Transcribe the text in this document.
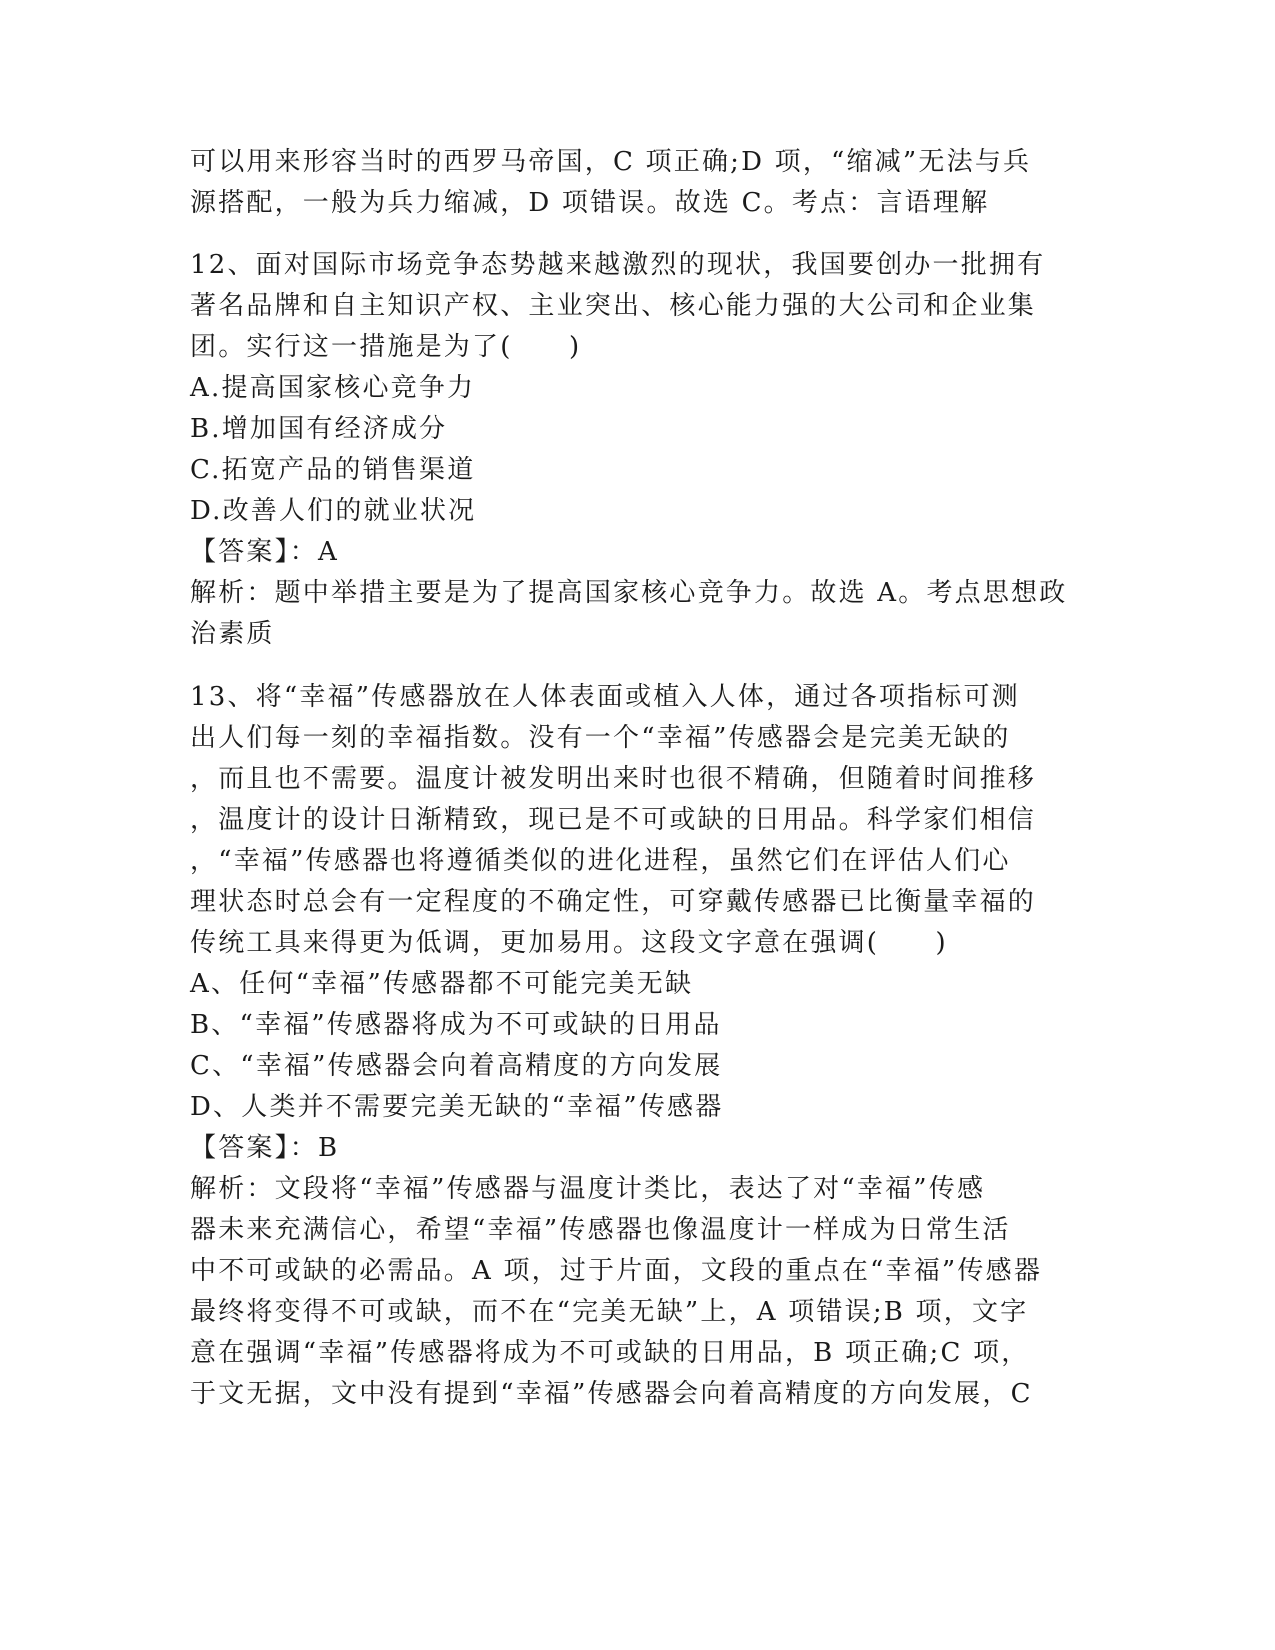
可以用来形容当时的西罗马帝国，C 项正确;D 项，“缩减”无法与兵
源搭配，一般为兵力缩减，D 项错误。故选 C。考点：言语理解
12、面对国际市场竞争态势越来越激烈的现状，我国要创办一批拥有
著名品牌和自主知识产权、主业突出、核心能力强的大公司和企业集
团。实行这一措施是为了(　　)
A.提高国家核心竞争力
B.增加国有经济成分
C.拓宽产品的销售渠道
D.改善人们的就业状况
【答案】：A
解析：题中举措主要是为了提高国家核心竞争力。故选 A。考点思想政
治素质
13、将“幸福”传感器放在人体表面或植入人体，通过各项指标可测
出人们每一刻的幸福指数。没有一个“幸福”传感器会是完美无缺的
，而且也不需要。温度计被发明出来时也很不精确，但随着时间推移
，温度计的设计日渐精致，现已是不可或缺的日用品。科学家们相信
，“幸福”传感器也将遵循类似的进化进程，虽然它们在评估人们心
理状态时总会有一定程度的不确定性，可穿戴传感器已比衡量幸福的
传统工具来得更为低调，更加易用。这段文字意在强调(　　)
A、任何“幸福”传感器都不可能完美无缺
B、“幸福”传感器将成为不可或缺的日用品
C、“幸福”传感器会向着高精度的方向发展
D、人类并不需要完美无缺的“幸福”传感器
【答案】：B
解析：文段将“幸福”传感器与温度计类比，表达了对“幸福”传感
器未来充满信心，希望“幸福”传感器也像温度计一样成为日常生活
中不可或缺的必需品。A 项，过于片面，文段的重点在“幸福”传感器
最终将变得不可或缺，而不在“完美无缺”上，A 项错误;B 项，文字
意在强调“幸福”传感器将成为不可或缺的日用品，B 项正确;C 项，
于文无据，文中没有提到“幸福”传感器会向着高精度的方向发展，C
